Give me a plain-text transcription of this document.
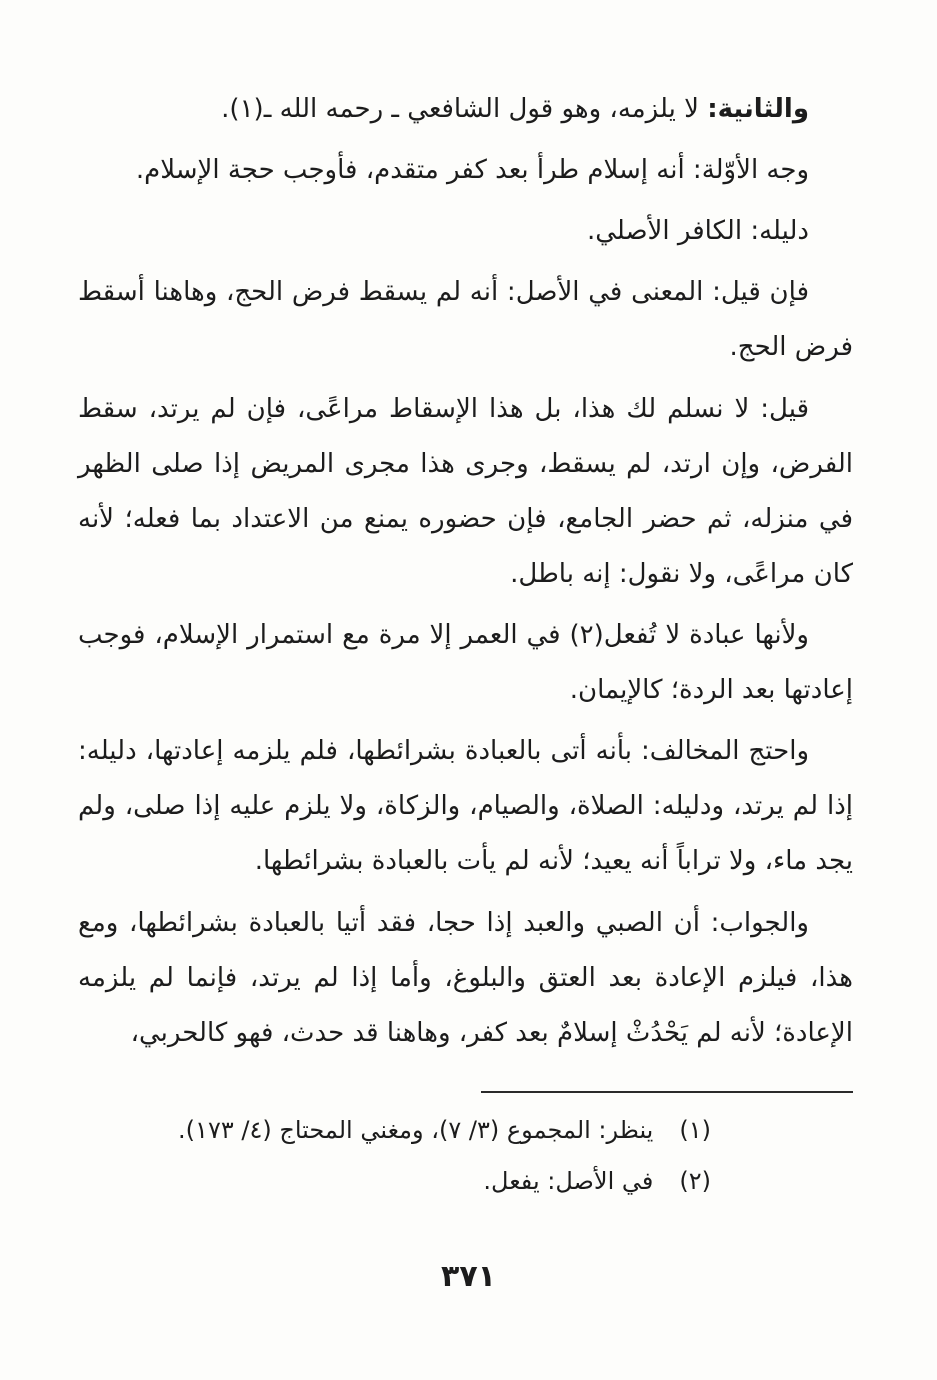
والثانية: لا يلزمه، وهو قول الشافعي ـ رحمه الله ـ(١).

وجه الأوّلة: أنه إسلام طرأ بعد كفر متقدم، فأوجب حجة الإسلام.

دليله: الكافر الأصلي.

فإن قيل: المعنى في الأصل: أنه لم يسقط فرض الحج، وهاهنا أسقط فرض الحج.

قيل: لا نسلم لك هذا، بل هذا الإسقاط مراعًى، فإن لم يرتد، سقط الفرض، وإن ارتد، لم يسقط، وجرى هذا مجرى المريض إذا صلى الظهر في منزله، ثم حضر الجامع، فإن حضوره يمنع من الاعتداد بما فعله؛ لأنه كان مراعًى، ولا نقول: إنه باطل.

ولأنها عبادة لا تُفعل(٢) في العمر إلا مرة مع استمرار الإسلام، فوجب إعادتها بعد الردة؛ كالإيمان.

واحتج المخالف: بأنه أتى بالعبادة بشرائطها، فلم يلزمه إعادتها، دليله: إذا لم يرتد، ودليله: الصلاة، والصيام، والزكاة، ولا يلزم عليه إذا صلى، ولم يجد ماء، ولا تراباً أنه يعيد؛ لأنه لم يأت بالعبادة بشرائطها.

والجواب: أن الصبي والعبد إذا حجا، فقد أتيا بالعبادة بشرائطها، ومع هذا، فيلزم الإعادة بعد العتق والبلوغ، وأما إذا لم يرتد، فإنما لم يلزمه الإعادة؛ لأنه لم يَحْدُثْ إسلامٌ بعد كفر، وهاهنا قد حدث، فهو كالحربي،

(١)ينظر: المجموع (٣/ ٧)، ومغني المحتاج (٤/ ١٧٣).

(٢)في الأصل: يفعل.

٣٧١
